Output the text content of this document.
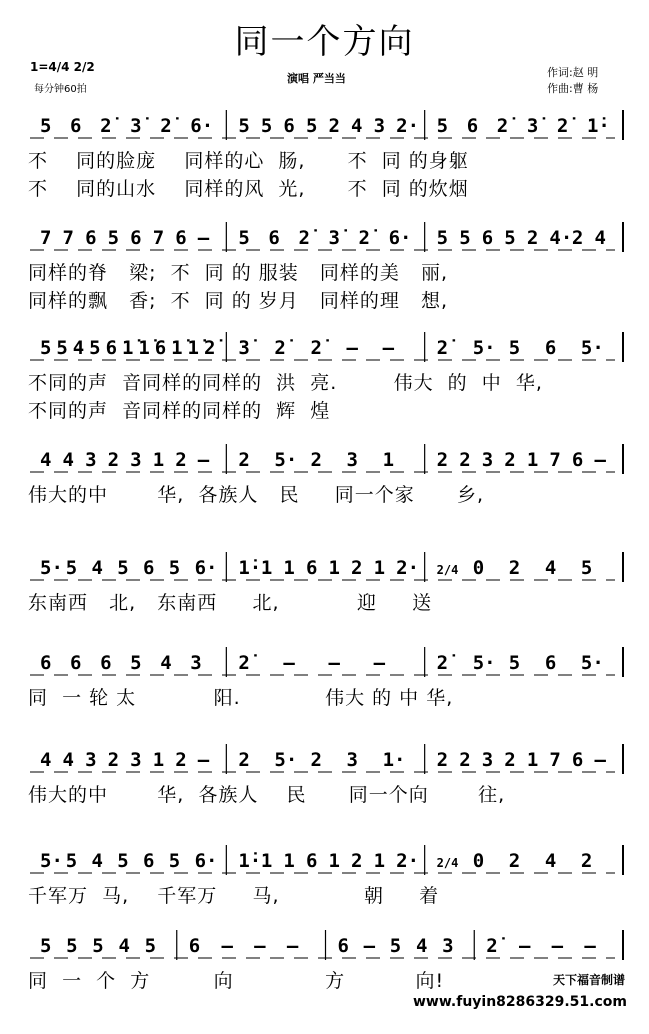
同一个方向
1=4/4 2/2
每分钟60拍
演唱 严当当	作词:赵 明
作曲:曹 杨
5 6 2̇ 3̇ 2̇ 6· 5 5 6 5 2 4 3 2· 5 6 2̇ 3̇ 2̇ 1̇·
不    同的脸庞    同样的心  肠,      不  同 的身躯
不    同的山水    同样的风  光,      不  同 的炊烟
7 7 6 5 6 7 6 – 5 6 2̇ 3̇ 2̇ 6· 5 5 6 5 2 4· 2 4
同样的脊   梁;  不  同 的 服装   同样的美   丽,
同样的飘   香;  不  同 的 岁月   同样的理   想,
5 5 4 5 6 1̇ 1̇ 6 1̇ 1̇ 2̇	3̇	2̇	2̇	– – 2̇	5· 5 6 5·
不同的声  音同样的同样的  洪  亮.        伟大  的  中  华,
不同的声  音同样的同样的  辉  煌
4 4 3 2 3 1 2 – 2 5· 2 3 1 2 2 3 2 1 7 6 –
伟大的中       华,  各族人   民     同一个家      乡,
5· 5 4 5 6 5 6· 1̇· 1 1 6 1 2 1 2· 2/4 0 2 4 5
东南西   北,   东南西     北,           迎     送
6 6 6 5 4 3 2̇	– – –	2̇	5· 5 6 5·
同  一 轮 太           阳.            伟大 的 中 华,
4 4 3 2 3 1 2 – 2 5· 2 3 1· 2 2 3 2 1 7 6 –
伟大的中       华,  各族人    民      同一个向       往,
5· 5 4 5 6 5 6· 1̇· 1 1 6 1 2 1 2· 2/4 0 2 4 2
千军万  马,    千军万     马,            朝     着
5 5 5 4 5 6 – – – 6 – 5 4 3 2̇	– – –
同  一  个  方         向             方          向!	天下福音制谱
www.fuyin8286329.51.com
